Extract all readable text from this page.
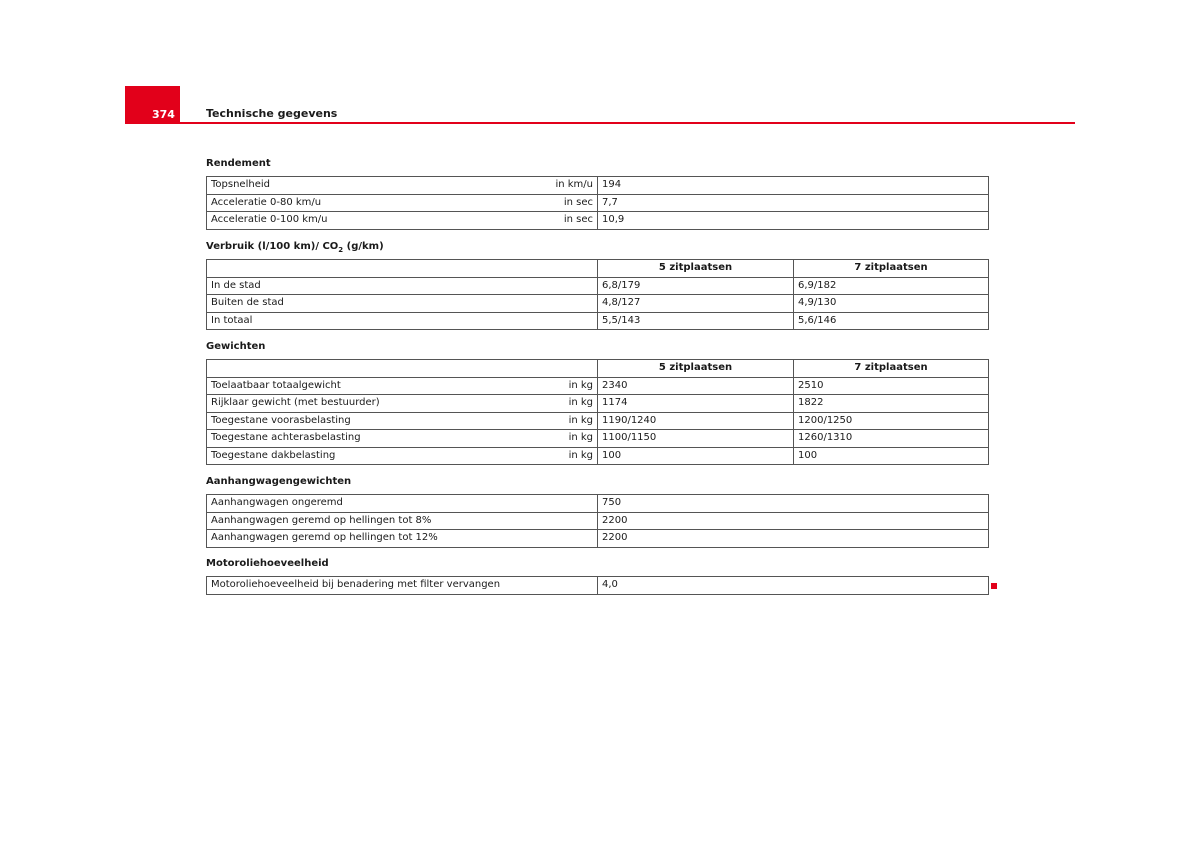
374	Technische gegevens
Rendement
Topsnelheid in km/u	194

Acceleratie 0-80 km/u in sec	7,7

Acceleratie 0-100 km/u in sec	10,9
Verbruik (l/100 km)/ $CO_2$ (g/km)
	5 zitplaatsen	7 zitplaatsen
In de stad	6,8/179	6,9/182
Buiten de stad	4,8/127	4,9/130
In totaal	5,5/143	5,6/146
Gewichten
	5 zitplaatsen	7 zitplaatsen

Toelaatbaar totaalgewicht in kg	2340	2510

Rijklaar gewicht (met bestuurder) in kg	1174	1822

Toegestane voorasbelasting in kg	1190/1240	1200/1250

Toegestane achterasbelasting in kg	1100/1150	1260/1310

Toegestane dakbelasting in kg	100	100
Aanhangwagengewichten
Aanhangwagen ongeremd	750
Aanhangwagen geremd op hellingen tot 8%	2200
Aanhangwagen geremd op hellingen tot 12%	2200
Motoroliehoeveelheid
Motoroliehoeveelheid bij benadering met filter vervangen	4,0
